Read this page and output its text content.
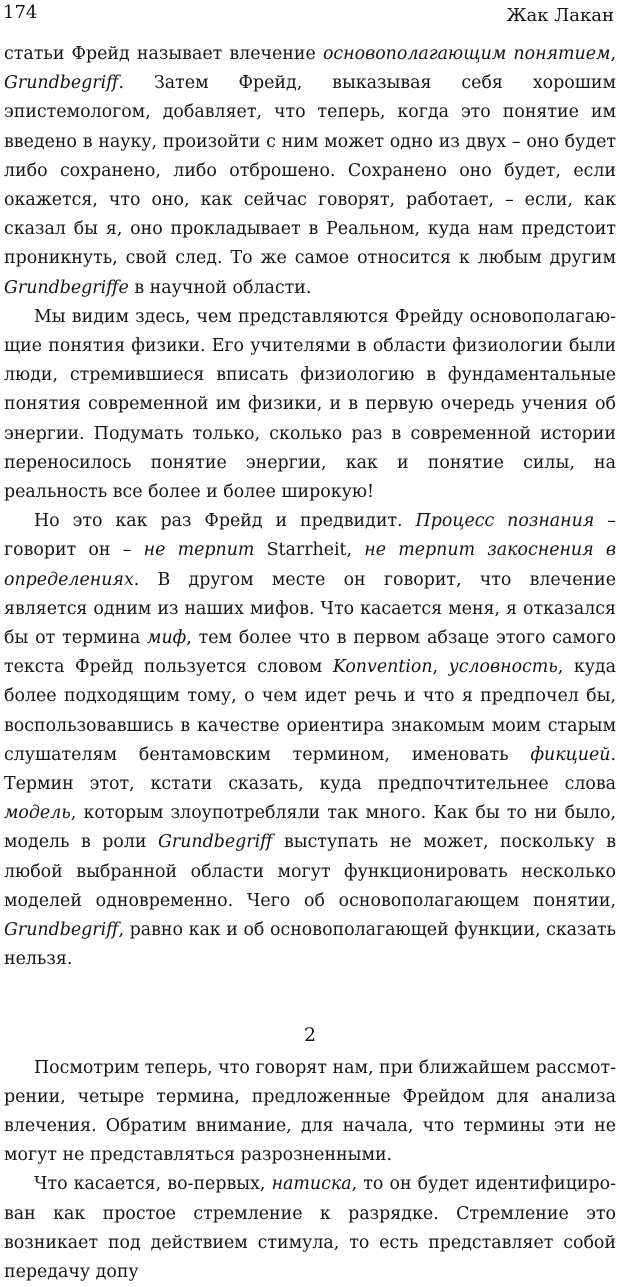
174	Жак Лакан

статьи Фрейд называет влечение основополагающим понятием, Grundbegriff. Затем Фрейд, выказывая себя хорошим эпистемологом, добавляет, что теперь, когда это понятие им введено в науку, произойти с ним может одно из двух – оно будет либо сохранено, либо отброшено. Сохранено оно будет, если окажется, что оно, как сейчас говорят, работает, – если, как сказал бы я, оно прокладывает в Реальном, куда нам предстоит проникнуть, свой след. То же самое относится к любым другим Grundbegriffe в научной области.

Мы видим здесь, чем представляются Фрейду основополагающие понятия физики. Его учителями в области физиологии были люди, стремившиеся вписать физиологию в фундаментальные понятия современной им физики, и в первую очередь учения об энергии. Подумать только, сколько раз в современной истории переносилось понятие энергии, как и понятие силы, на реальность все более и более широкую!

Но это как раз Фрейд и предвидит. Процесс познания – говорит он – не терпит Starrheit, не терпит закоснения в определениях. В другом месте он говорит, что влечение является одним из наших мифов. Что касается меня, я отказался бы от термина миф, тем более что в первом абзаце этого самого текста Фрейд пользуется словом Konvention, условность, куда более подходящим тому, о чем идет речь и что я предпочел бы, воспользовавшись в качестве ориентира знакомым моим старым слушателям бентамовским термином, именовать фикцией. Термин этот, кстати сказать, куда предпочтительнее слова модель, которым злоупотребляли так много. Как бы то ни было, модель в роли Grundbegriff выступать не может, поскольку в любой выбранной области могут функционировать несколько моделей одновременно. Чего об основополагающем понятии, Grundbegriff, равно как и об основополагающей функции, сказать нельзя.

2

Посмотрим теперь, что говорят нам, при ближайшем рассмотрении, четыре термина, предложенные Фрейдом для анализа влечения. Обратим внимание, для начала, что термины эти не могут не представляться разрозненными.

Что касается, во-первых, натиска, то он будет идентифицирован как простое стремление к разрядке. Стремление это возникает под действием стимула, то есть представляет собой передачу допу
